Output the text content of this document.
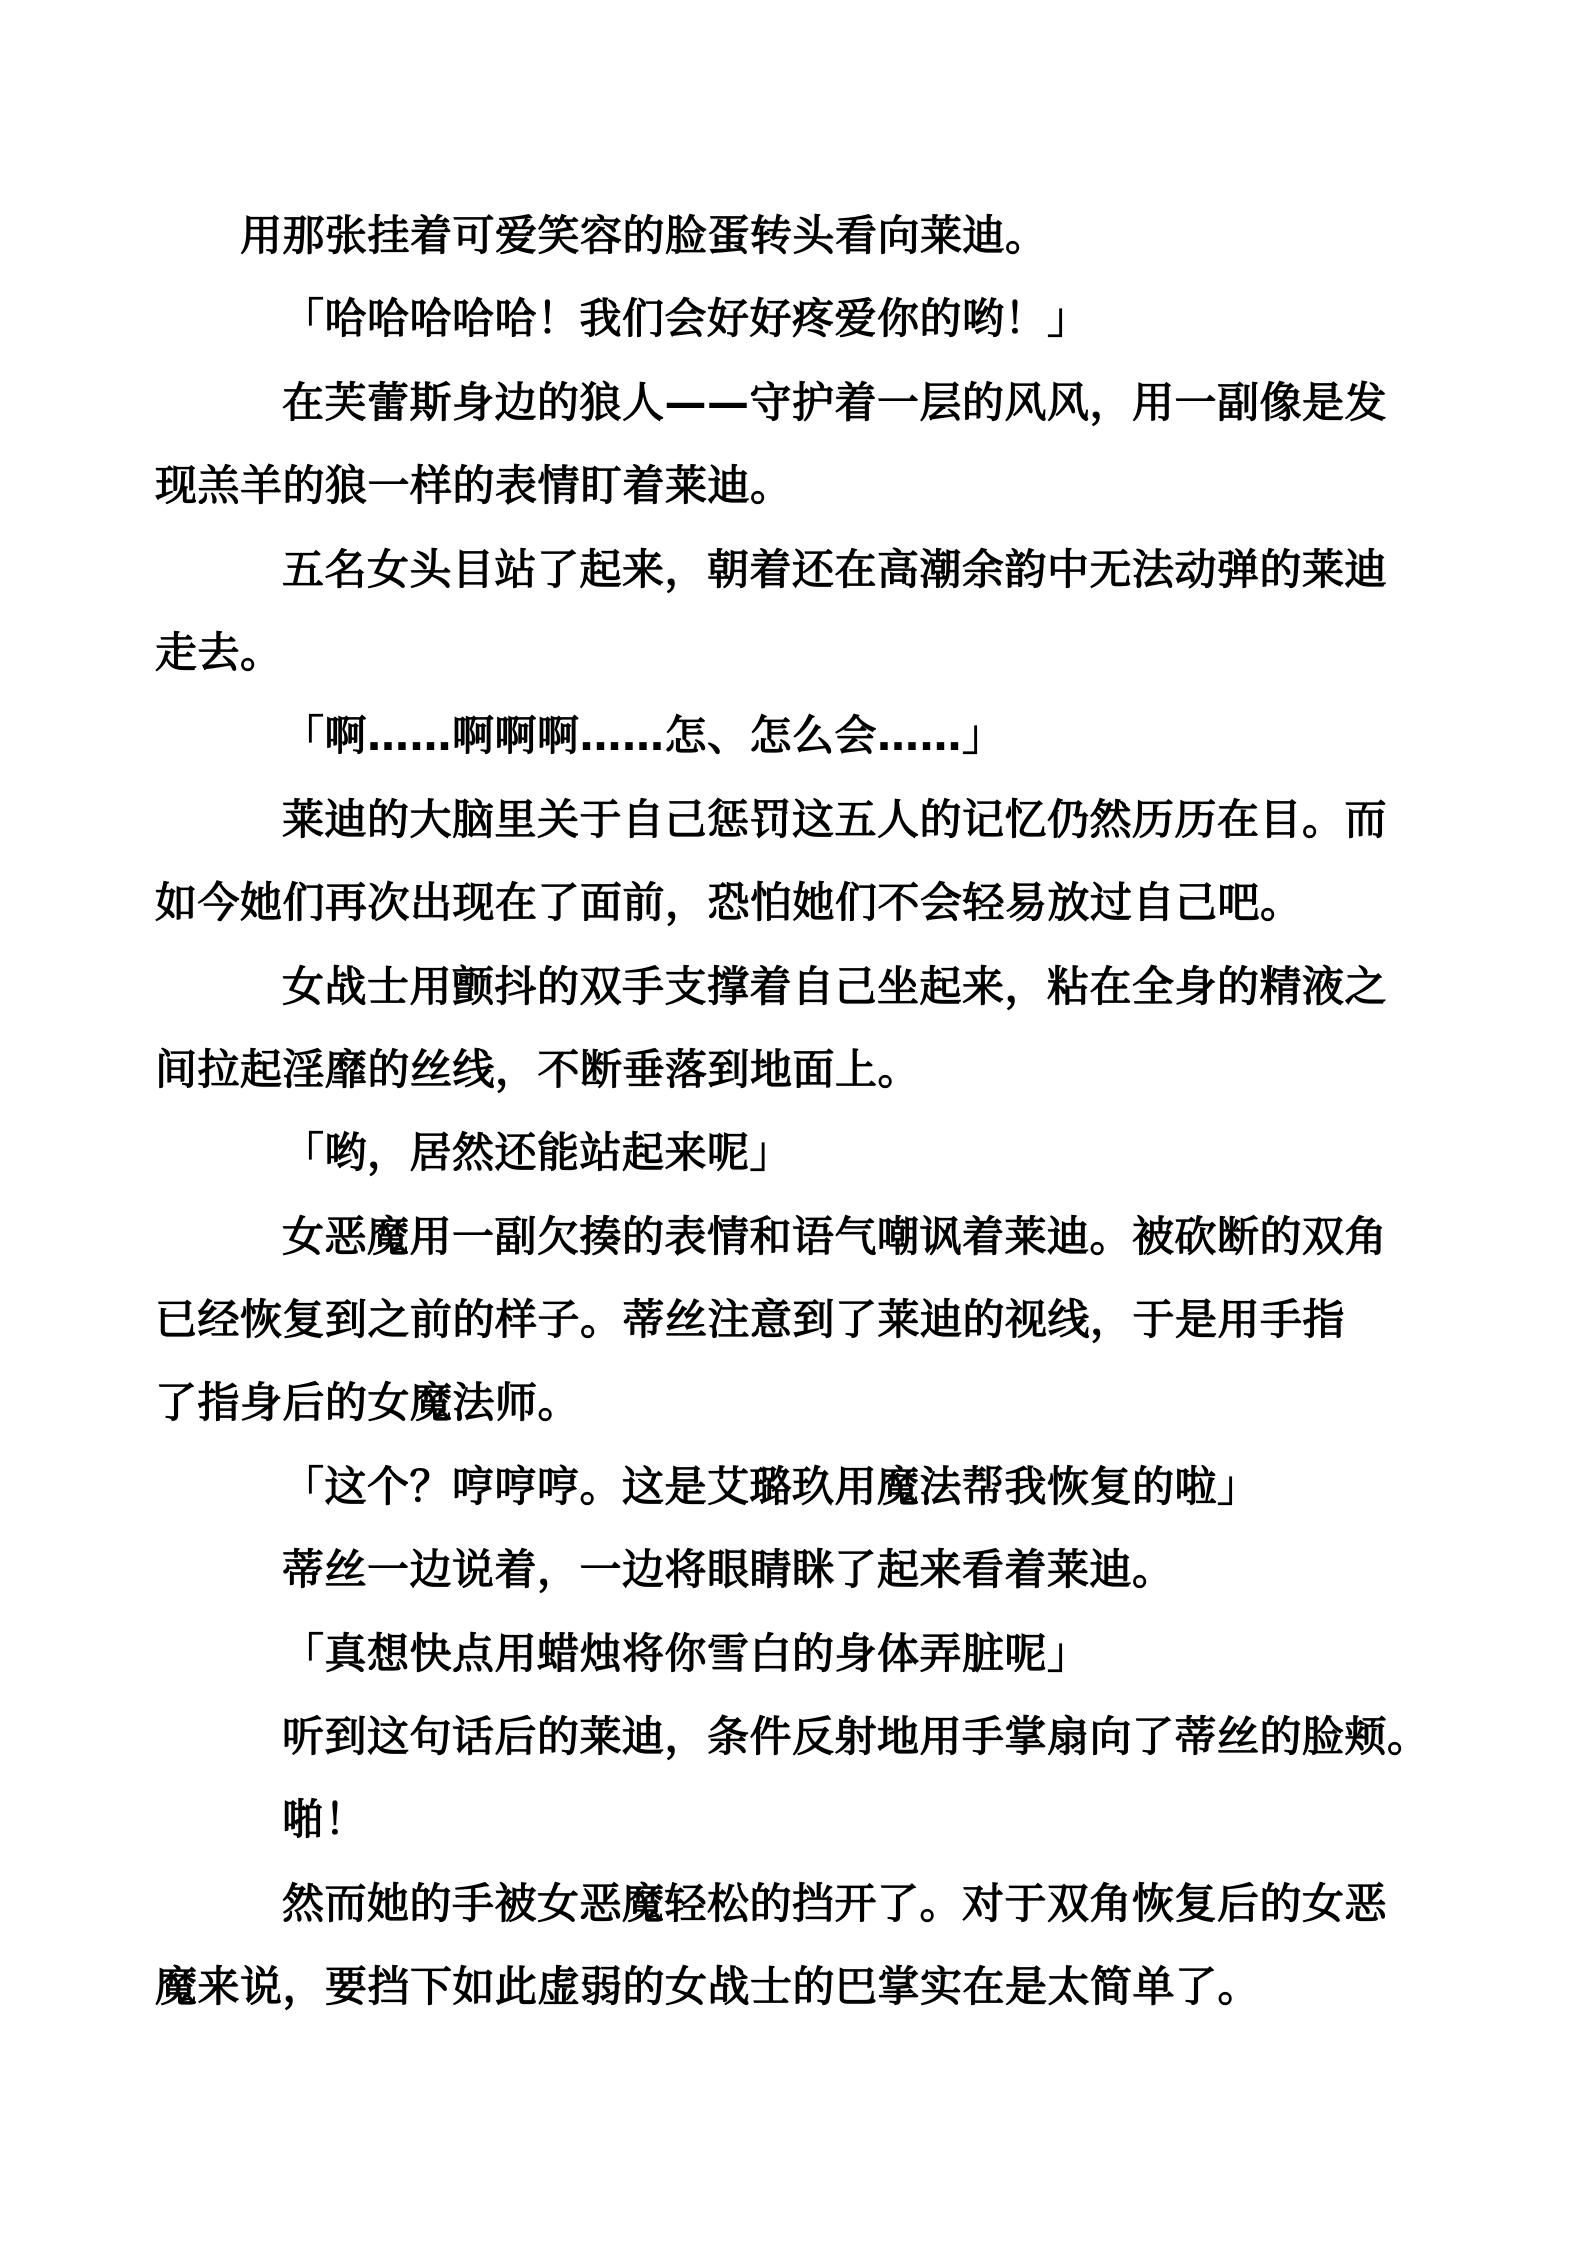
用那张挂着可爱笑容的脸蛋转头看向莱迪。

「哈哈哈哈哈！我们会好好疼爱你的哟！」

在芙蕾斯身边的狼人——守护着一层的风风，用一副像是发

现羔羊的狼一样的表情盯着莱迪。

五名女头目站了起来，朝着还在高潮余韵中无法动弹的莱迪

走去。

「啊……啊啊啊……怎、怎么会……」

莱迪的大脑里关于自己惩罚这五人的记忆仍然历历在目。而

如今她们再次出现在了面前，恐怕她们不会轻易放过自己吧。

女战士用颤抖的双手支撑着自己坐起来，粘在全身的精液之

间拉起淫靡的丝线，不断垂落到地面上。

「哟，居然还能站起来呢」

女恶魔用一副欠揍的表情和语气嘲讽着莱迪。被砍断的双角

已经恢复到之前的样子。蒂丝注意到了莱迪的视线，于是用手指

了指身后的女魔法师。

「这个？哼哼哼。这是艾璐玖用魔法帮我恢复的啦」

蒂丝一边说着，一边将眼睛眯了起来看着莱迪。

「真想快点用蜡烛将你雪白的身体弄脏呢」

听到这句话后的莱迪，条件反射地用手掌扇向了蒂丝的脸颊。

啪！

然而她的手被女恶魔轻松的挡开了。对于双角恢复后的女恶

魔来说，要挡下如此虚弱的女战士的巴掌实在是太简单了。
